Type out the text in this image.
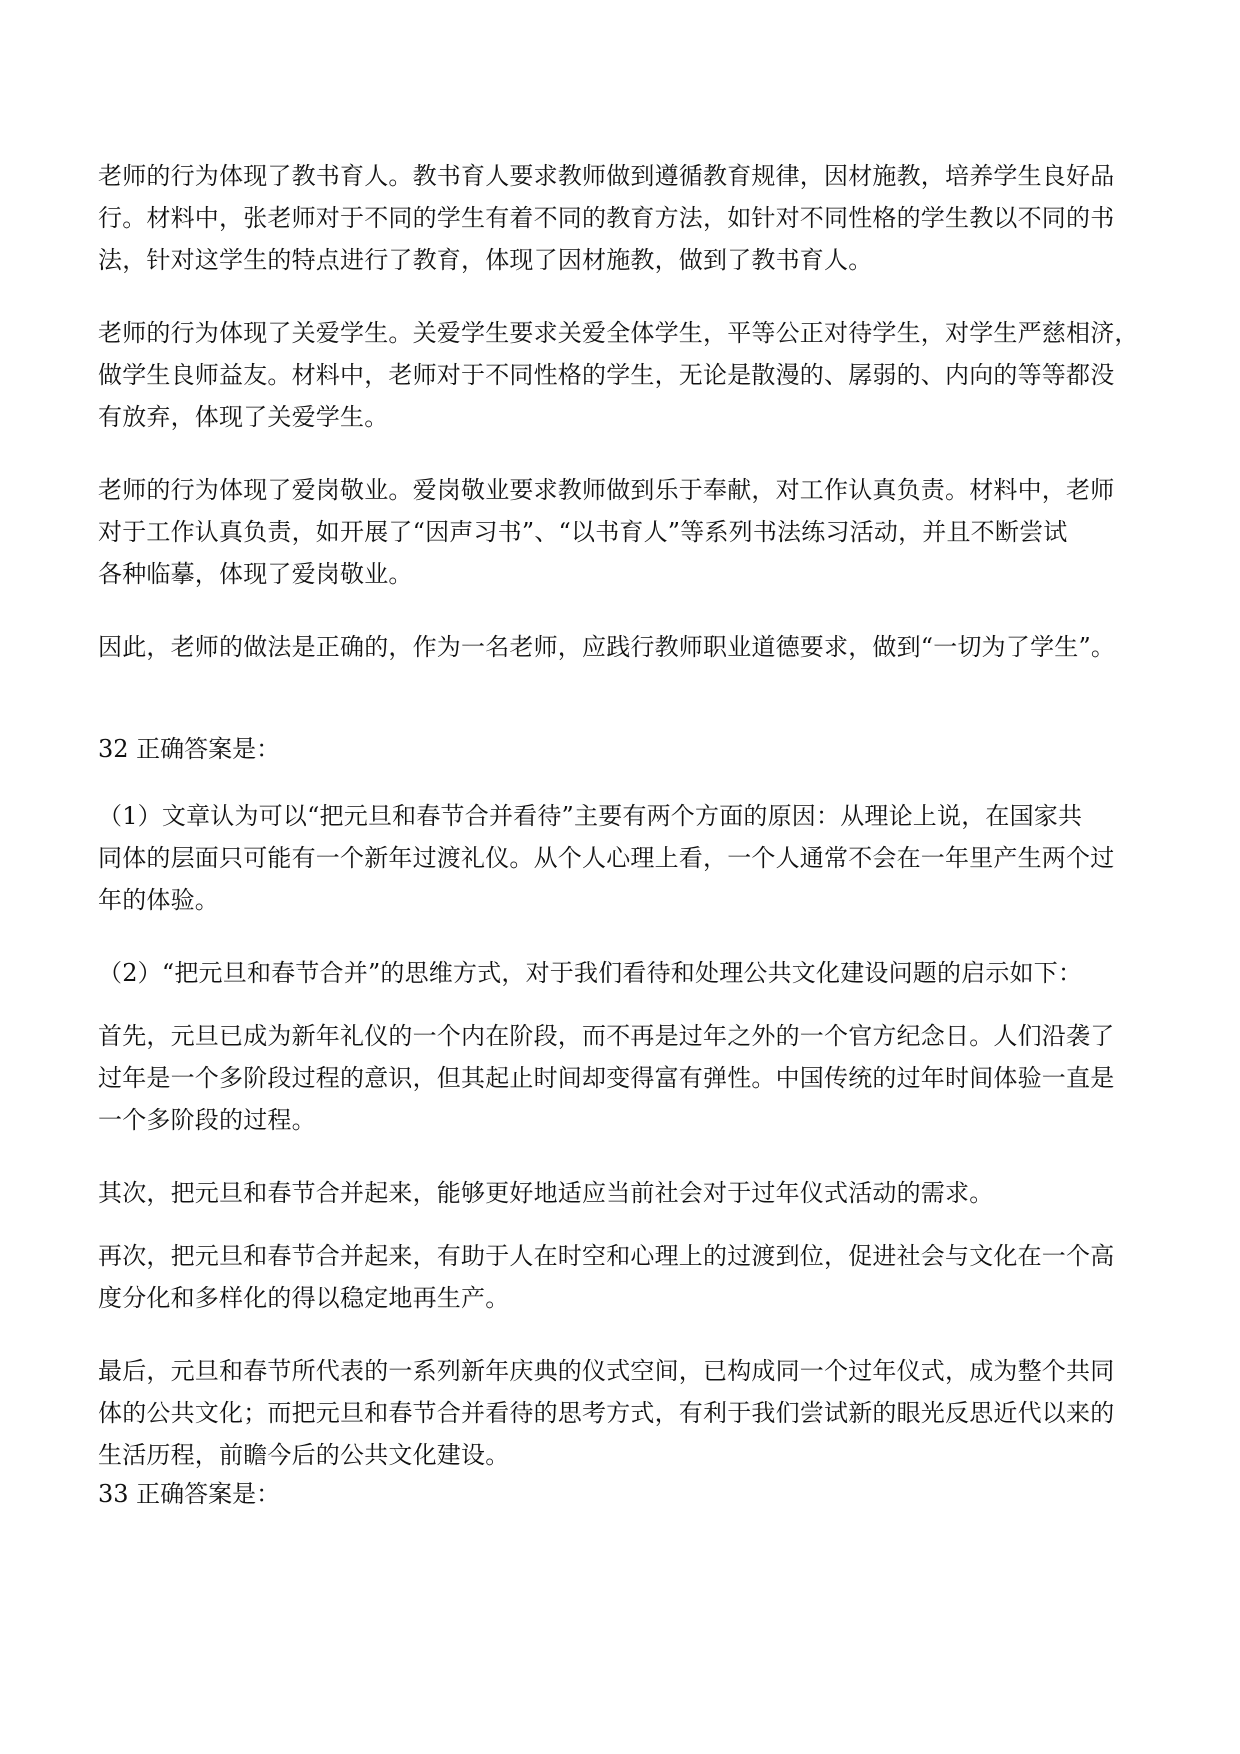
老师的行为体现了教书育人。教书育人要求教师做到遵循教育规律，因材施教，培养学生良好品
行。材料中，张老师对于不同的学生有着不同的教育方法，如针对不同性格的学生教以不同的书
法，针对这学生的特点进行了教育，体现了因材施教，做到了教书育人。

老师的行为体现了关爱学生。关爱学生要求关爱全体学生，平等公正对待学生，对学生严慈相济，
做学生良师益友。材料中，老师对于不同性格的学生，无论是散漫的、孱弱的、内向的等等都没
有放弃，体现了关爱学生。

老师的行为体现了爱岗敬业。爱岗敬业要求教师做到乐于奉献，对工作认真负责。材料中，老师
对于工作认真负责，如开展了“因声习书”、“以书育人”等系列书法练习活动，并且不断尝试
各种临摹，体现了爱岗敬业。

因此，老师的做法是正确的，作为一名老师，应践行教师职业道德要求，做到“一切为了学生”。

32 正确答案是：

（1）文章认为可以“把元旦和春节合并看待”主要有两个方面的原因：从理论上说，在国家共
同体的层面只可能有一个新年过渡礼仪。从个人心理上看，一个人通常不会在一年里产生两个过
年的体验。

（2）“把元旦和春节合并”的思维方式，对于我们看待和处理公共文化建设问题的启示如下：

首先，元旦已成为新年礼仪的一个内在阶段，而不再是过年之外的一个官方纪念日。人们沿袭了
过年是一个多阶段过程的意识，但其起止时间却变得富有弹性。中国传统的过年时间体验一直是
一个多阶段的过程。

其次，把元旦和春节合并起来，能够更好地适应当前社会对于过年仪式活动的需求。

再次，把元旦和春节合并起来，有助于人在时空和心理上的过渡到位，促进社会与文化在一个高
度分化和多样化的得以稳定地再生产。

最后，元旦和春节所代表的一系列新年庆典的仪式空间，已构成同一个过年仪式，成为整个共同
体的公共文化；而把元旦和春节合并看待的思考方式，有利于我们尝试新的眼光反思近代以来的
生活历程，前瞻今后的公共文化建设。

33 正确答案是：
